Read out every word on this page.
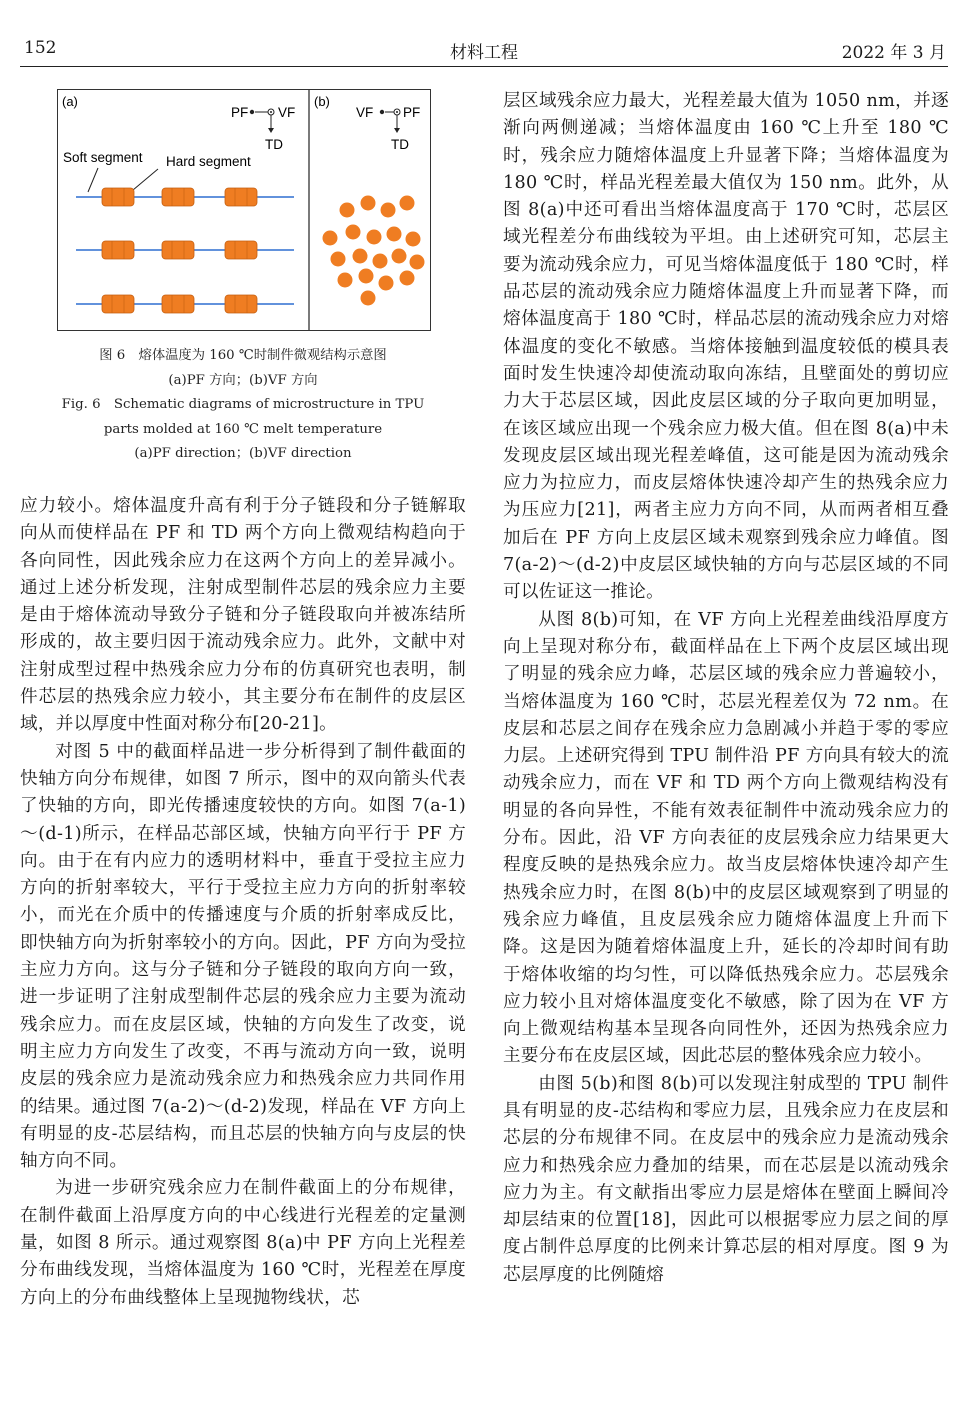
152	材料工程	2022 年 3 月
(a)
PF VF
TD
Soft segment Hard segment
(b)
VF PF
TD
图 6　熔体温度为 160 ℃时制件微观结构示意图
(a)PF 方向；(b)VF 方向
Fig. 6　Schematic diagrams of microstructure in TPU
parts molded at 160 ℃ melt temperature
(a)PF direction；(b)VF direction

应力较小。熔体温度升高有利于分子链段和分子链解取向从而使样品在 PF 和 TD 两个方向上微观结构趋向于各向同性，因此残余应力在这两个方向上的差异减小。通过上述分析发现，注射成型制件芯层的残余应力主要是由于熔体流动导致分子链和分子链段取向并被冻结所形成的，故主要归因于流动残余应力。此外，文献中对注射成型过程中热残余应力分布的仿真研究也表明，制件芯层的热残余应力较小，其主要分布在制件的皮层区域，并以厚度中性面对称分布[20-21]。

对图 5 中的截面样品进一步分析得到了制件截面的快轴方向分布规律，如图 7 所示，图中的双向箭头代表了快轴的方向，即光传播速度较快的方向。如图 7(a-1)～(d-1)所示，在样品芯部区域，快轴方向平行于 PF 方向。由于在有内应力的透明材料中，垂直于受拉主应力方向的折射率较大，平行于受拉主应力方向的折射率较小，而光在介质中的传播速度与介质的折射率成反比，即快轴方向为折射率较小的方向。因此，PF 方向为受拉主应力方向。这与分子链和分子链段的取向方向一致，进一步证明了注射成型制件芯层的残余应力主要为流动残余应力。而在皮层区域，快轴的方向发生了改变，说明主应力方向发生了改变，不再与流动方向一致，说明皮层的残余应力是流动残余应力和热残余应力共同作用的结果。通过图 7(a-2)～(d-2)发现，样品在 VF 方向上有明显的皮-芯层结构，而且芯层的快轴方向与皮层的快轴方向不同。

为进一步研究残余应力在制件截面上的分布规律，在制件截面上沿厚度方向的中心线进行光程差的定量测量，如图 8 所示。通过观察图 8(a)中 PF 方向上光程差分布曲线发现，当熔体温度为 160 ℃时，光程差在厚度方向上的分布曲线整体上呈现抛物线状，芯

层区域残余应力最大，光程差最大值为 1050 nm，并逐渐向两侧递减；当熔体温度由 160 ℃上升至 180 ℃时，残余应力随熔体温度上升显著下降；当熔体温度为 180 ℃时，样品光程差最大值仅为 150 nm。此外，从图 8(a)中还可看出当熔体温度高于 170 ℃时，芯层区域光程差分布曲线较为平坦。由上述研究可知，芯层主要为流动残余应力，可见当熔体温度低于 180 ℃时，样品芯层的流动残余应力随熔体温度上升而显著下降，而熔体温度高于 180 ℃时，样品芯层的流动残余应力对熔体温度的变化不敏感。当熔体接触到温度较低的模具表面时发生快速冷却使流动取向冻结，且壁面处的剪切应力大于芯层区域，因此皮层区域的分子取向更加明显，在该区域应出现一个残余应力极大值。但在图 8(a)中未发现皮层区域出现光程差峰值，这可能是因为流动残余应力为拉应力，而皮层熔体快速冷却产生的热残余应力为压应力[21]，两者主应力方向不同，从而两者相互叠加后在 PF 方向上皮层区域未观察到残余应力峰值。图 7(a-2)～(d-2)中皮层区域快轴的方向与芯层区域的不同可以佐证这一推论。

从图 8(b)可知，在 VF 方向上光程差曲线沿厚度方向上呈现对称分布，截面样品在上下两个皮层区域出现了明显的残余应力峰，芯层区域的残余应力普遍较小，当熔体温度为 160 ℃时，芯层光程差仅为 72 nm。在皮层和芯层之间存在残余应力急剧减小并趋于零的零应力层。上述研究得到 TPU 制件沿 PF 方向具有较大的流动残余应力，而在 VF 和 TD 两个方向上微观结构没有明显的各向异性，不能有效表征制件中流动残余应力的分布。因此，沿 VF 方向表征的皮层残余应力结果更大程度反映的是热残余应力。故当皮层熔体快速冷却产生热残余应力时，在图 8(b)中的皮层区域观察到了明显的残余应力峰值，且皮层残余应力随熔体温度上升而下降。这是因为随着熔体温度上升，延长的冷却时间有助于熔体收缩的均匀性，可以降低热残余应力。芯层残余应力较小且对熔体温度变化不敏感，除了因为在 VF 方向上微观结构基本呈现各向同性外，还因为热残余应力主要分布在皮层区域，因此芯层的整体残余应力较小。

由图 5(b)和图 8(b)可以发现注射成型的 TPU 制件具有明显的皮-芯结构和零应力层，且残余应力在皮层和芯层的分布规律不同。在皮层中的残余应力是流动残余应力和热残余应力叠加的结果，而在芯层是以流动残余应力为主。有文献指出零应力层是熔体在壁面上瞬间冷却层结束的位置[18]，因此可以根据零应力层之间的厚度占制件总厚度的比例来计算芯层的相对厚度。图 9 为芯层厚度的比例随熔
